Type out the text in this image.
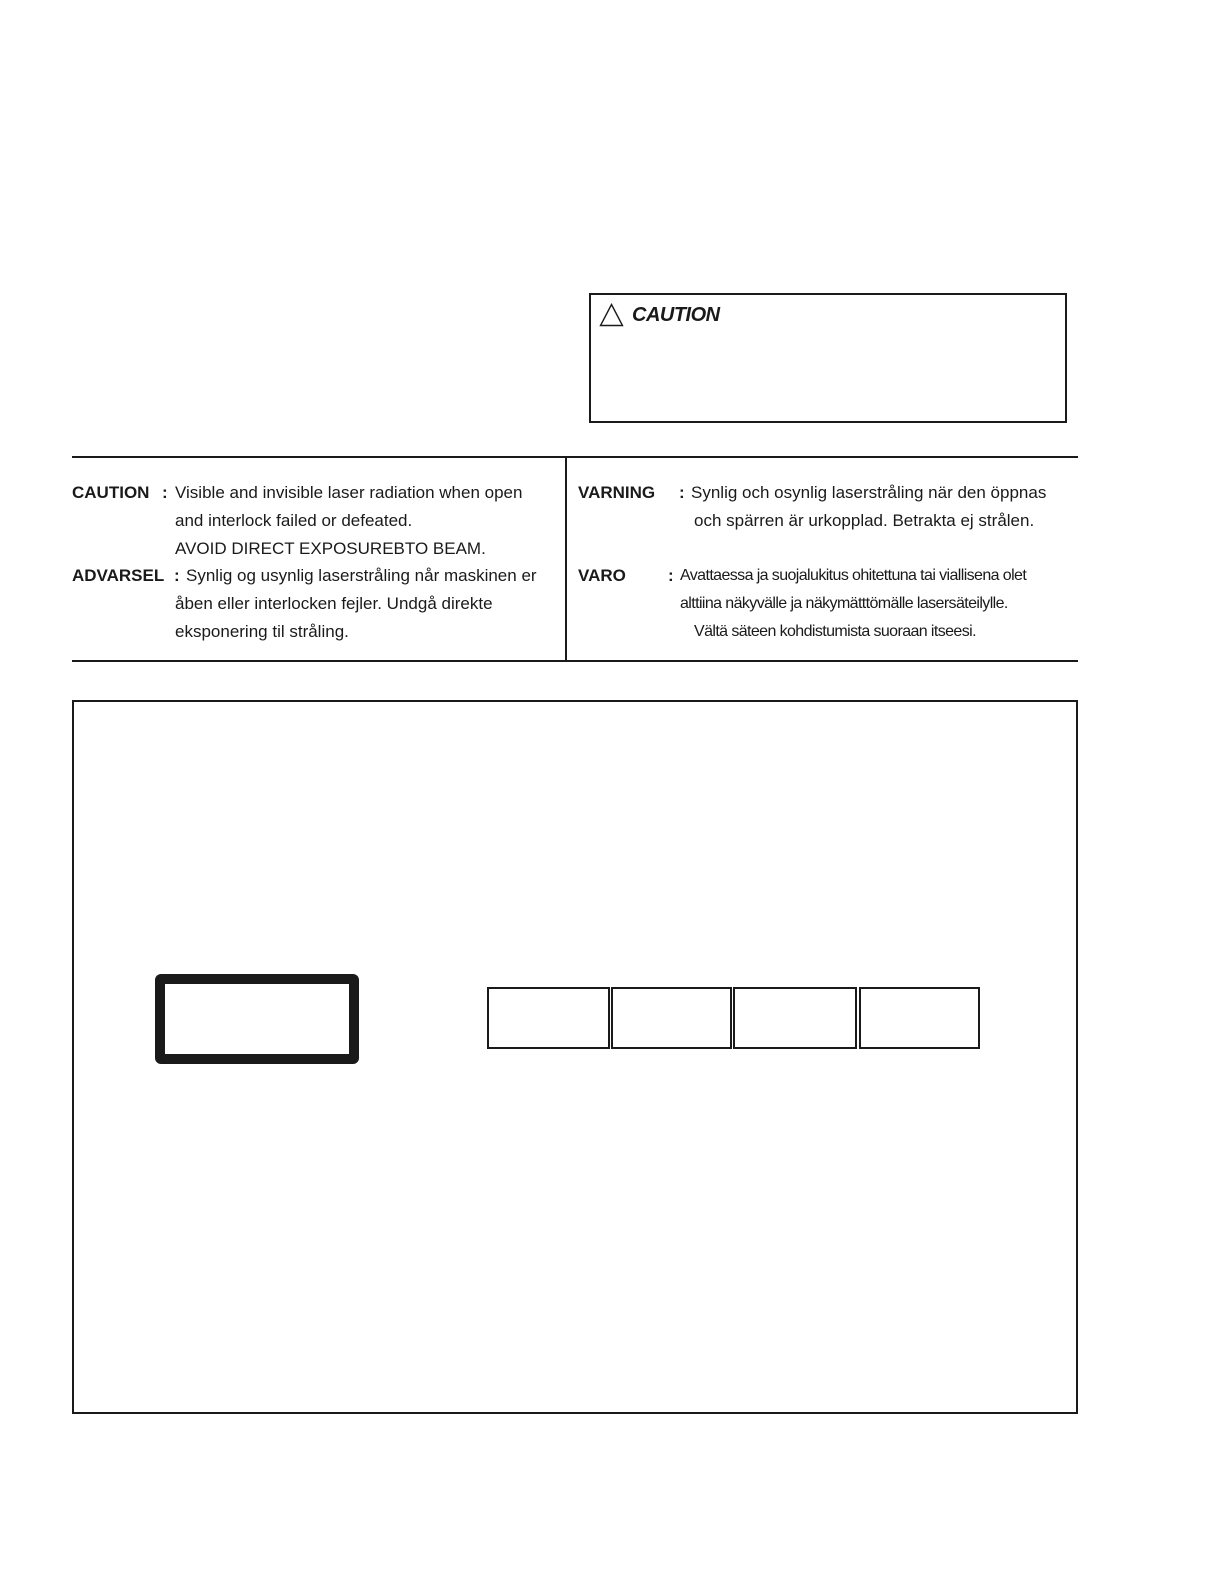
CAUTION
CAUTION : Visible and invisible laser radiation when open
and interlock failed or defeated.
AVOID DIRECT EXPOSUREBTO BEAM.
ADVARSEL : Synlig og usynlig laserstråling når maskinen er
åben eller interlocken fejler. Undgå direkte
eksponering til stråling.
VARNING : Synlig och osynlig laserstråling när den öppnas
och spärren är urkopplad. Betrakta ej strålen.
VARO : Avattaessa ja suojalukitus ohitettuna tai viallisena olet
alttiina näkyvälle ja näkymätttömälle lasersäteilylle.
Vältä säteen kohdistumista suoraan itseesi.
